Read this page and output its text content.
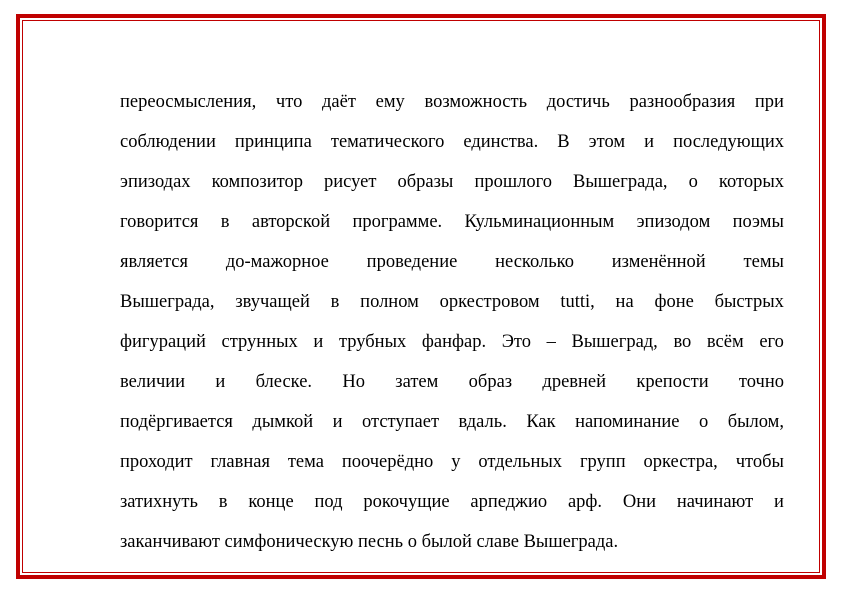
переосмысления, что даёт ему возможность достичь разнообразия при
соблюдении принципа тематического единства. В этом и последующих
эпизодах композитор рисует образы прошлого Вышеграда, о которых
говорится в авторской программе. Кульминационным эпизодом поэмы
является до-мажорное проведение несколько изменённой темы
Вышеграда, звучащей в полном оркестровом tutti, на фоне быстрых
фигураций струнных и трубных фанфар. Это – Вышеград, во всём его
величии и блеске. Но затем образ древней крепости точно
подёргивается дымкой и отступает вдаль. Как напоминание о былом,
проходит главная тема поочерёдно у отдельных групп оркестра, чтобы
затихнуть в конце под рокочущие арпеджио арф. Они начинают и
заканчивают симфоническую песнь о былой славе Вышеграда.
